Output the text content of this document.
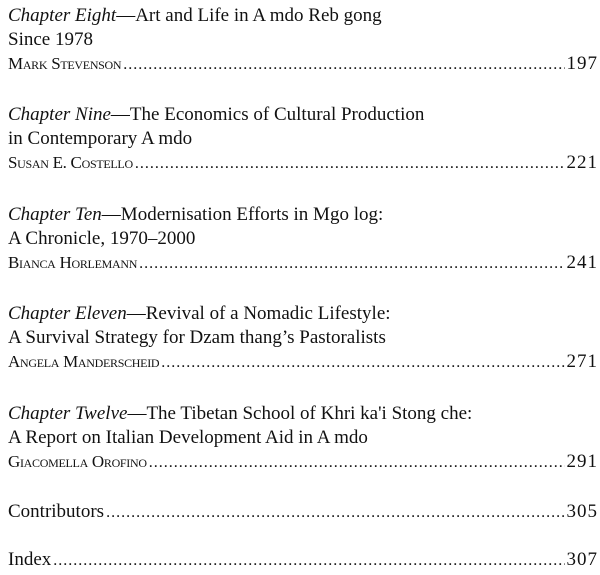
Chapter Eight—Art and Life in A mdo Reb gong
Since 1978
Mark Stevenson .....	197
Chapter Nine—The Economics of Cultural Production
in Contemporary A mdo
Susan E. Costello .....	221
Chapter Ten—Modernisation Efforts in Mgo log:
A Chronicle, 1970–2000
Bianca Horlemann .....	241
Chapter Eleven—Revival of a Nomadic Lifestyle:
A Survival Strategy for Dzam thang’s Pastoralists
Angela Manderscheid .....	271
Chapter Twelve—The Tibetan School of Khri ka'i Stong che:
A Report on Italian Development Aid in A mdo
Giacomella Orofino .....	291
Contributors .....	305
Index .....	307
